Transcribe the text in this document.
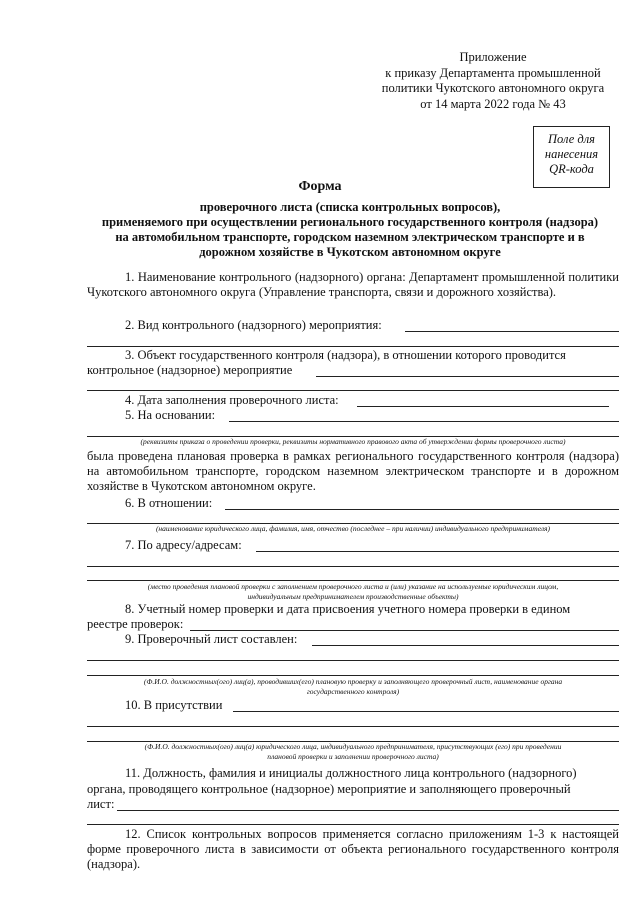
Приложение
к приказу Департамента промышленной
политики Чукотского автономного округа
от 14 марта 2022 года № 43
Поле для
нанесения
QR-кода
Форма
проверочного листа (списка контрольных вопросов),
применяемого при осуществлении регионального государственного контроля (надзора)
на автомобильном транспорте, городском наземном электрическом транспорте и в
дорожном хозяйстве в Чукотском автономном округе
1. Наименование контрольного (надзорного) органа: Департамент промышленной политики Чукотского автономного округа (Управление транспорта, связи и дорожного хозяйства).
2. Вид контрольного (надзорного) мероприятия:
3. Объект государственного контроля (надзора), в отношении которого проводится
контрольное (надзорное) мероприятие
4. Дата заполнения проверочного листа:
5. На основании:
(реквизиты приказа о проведении проверки, реквизиты нормативного правового акта об утверждении формы проверочного листа)
была проведена плановая проверка в рамках регионального государственного контроля (надзора) на автомобильном транспорте, городском наземном электрическом транспорте и в дорожном хозяйстве в Чукотском автономном округе.
6. В отношении:
(наименование юридического лица, фамилия, имя, отчество (последнее – при наличии) индивидуального предпринимателя)
7. По адресу/адресам:
(место проведения плановой проверки с заполнением проверочного листа и (или) указание на используемые юридическим лицом,
индивидуальным предпринимателем производственные объекты)
8. Учетный номер проверки и дата присвоения учетного номера проверки в едином
реестре проверок:
9. Проверочный лист составлен:
(Ф.И.О. должностных(ого) лиц(а), проводивших(его) плановую проверку и заполняющего проверочный лист, наименование органа
государственного контроля)
10. В присутствии
(Ф.И.О. должностных(ого) лиц(а) юридического лица, индивидуального предпринимателя, присутствующих (его) при проведении
плановой проверки и заполнении проверочного листа)
11. Должность, фамилия и инициалы должностного лица контрольного (надзорного)
органа, проводящего контрольное (надзорное) мероприятие и заполняющего проверочный
лист:
12. Список контрольных вопросов применяется согласно приложениям 1-3 к настоящей форме проверочного листа в зависимости от объекта регионального государственного контроля (надзора).
